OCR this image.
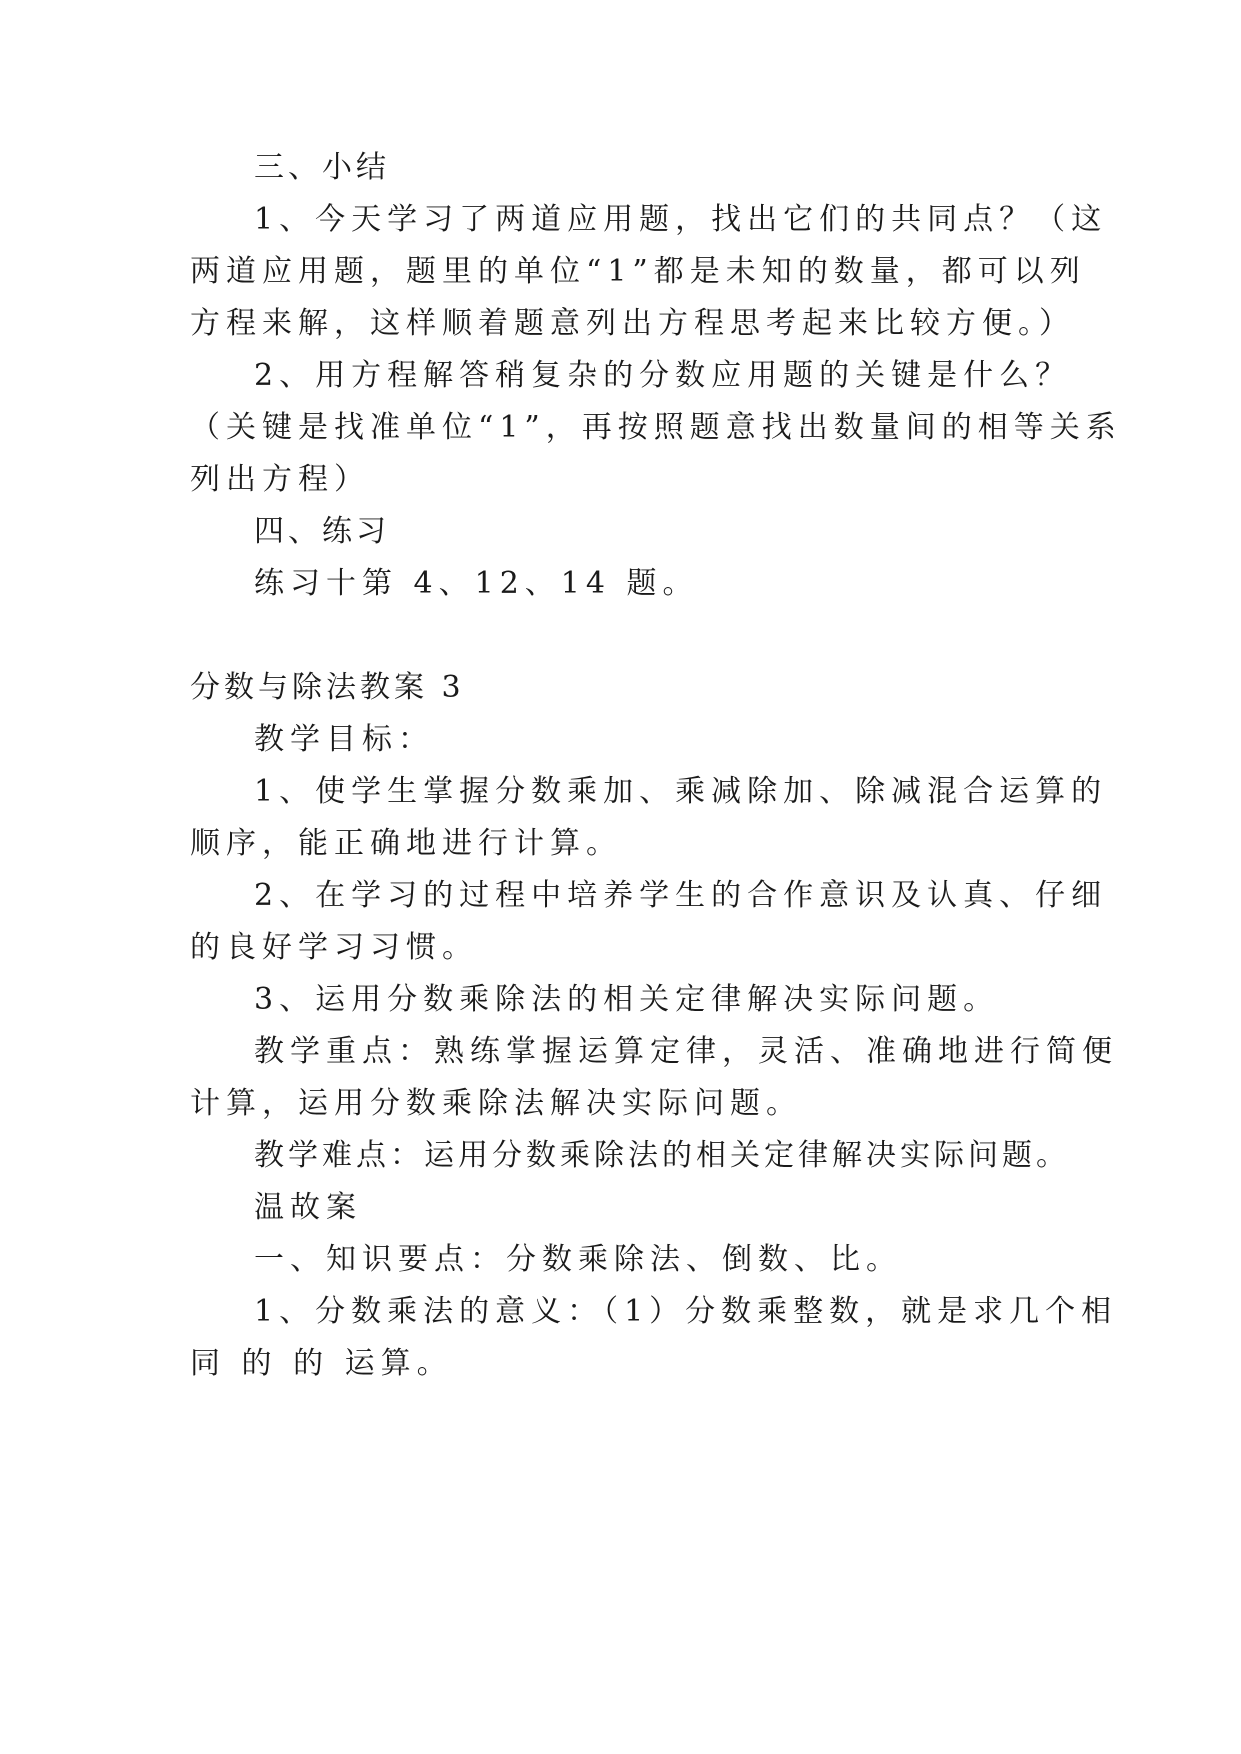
三、小结
1、今天学习了两道应用题，找出它们的共同点？（这
两道应用题，题里的单位“1”都是未知的数量，都可以列
方程来解，这样顺着题意列出方程思考起来比较方便。）
2、用方程解答稍复杂的分数应用题的关键是什么？
（关键是找准单位“1”，再按照题意找出数量间的相等关系
列出方程）
四、练习
练习十第 4、12、14 题。
分数与除法教案 3
教学目标：
1、使学生掌握分数乘加、乘减除加、除减混合运算的
顺序，能正确地进行计算。
2、在学习的过程中培养学生的合作意识及认真、仔细
的良好学习习惯。
3、运用分数乘除法的相关定律解决实际问题。
教学重点：熟练掌握运算定律，灵活、准确地进行简便
计算，运用分数乘除法解决实际问题。
教学难点：运用分数乘除法的相关定律解决实际问题。
温故案
一、知识要点：分数乘除法、倒数、比。
1、分数乘法的意义：（1）分数乘整数，就是求几个相
同 的 的 运算。
